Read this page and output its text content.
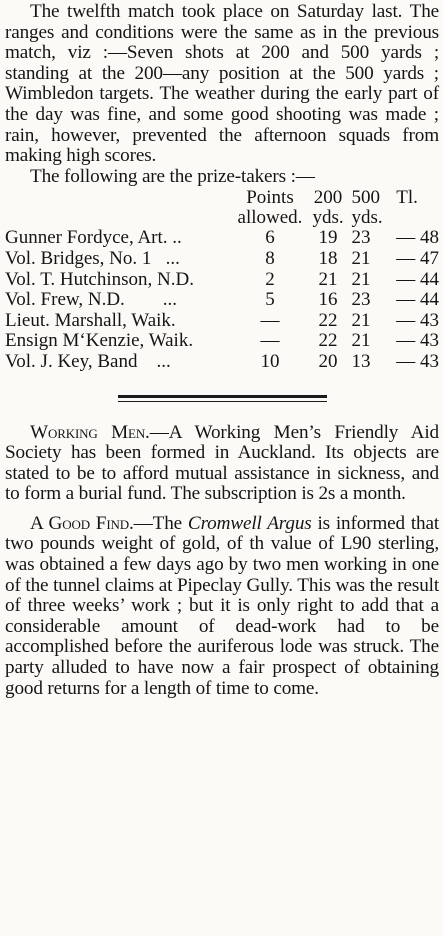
The twelfth match took place on Saturday last. The ranges and conditions were the same as in the previous match, viz :—Seven shots at 200 and 500 yards ; standing at the 200—any position at the 500 yards ; Wimbledon targets. The weather during the early part of the day was fine, and some good shooting was made ; rain, however, prevented the afternoon squads from making high scores.

The following are the prize-takers :—

	Points	200	500	Tl.
	allowed.	yds.	yds.	
Gunner Fordyce, Art. ..	6	19	23	— 48
Vol. Bridges, No. 1   ...	8	18	21	— 47
Vol. T. Hutchinson, N.D.	2	21	21	— 44
Vol. Frew, N.D.        ...	5	16	23	— 44
Lieut. Marshall, Waik.	—	22	21	— 43
Ensign M‘Kenzie, Waik.	—	22	21	— 43
Vol. J. Key, Band    ...	10	20	13	— 43

Working Men.—A Working Men’s Friendly Aid Society has been formed in Auckland. Its objects are stated to be to afford mutual assistance in sickness, and to form a burial fund. The subscription is 2s a month.

A Good Find.—The Cromwell Argus is informed that two pounds weight of gold, of th value of L90 sterling, was obtained a few days ago by two men working in one of the tunnel claims at Pipeclay Gully. This was the result of three weeks’ work ; but it is only right to add that a considerable amount of dead-work had to be accomplished before the auriferous lode was struck. The party alluded to have now a fair prospect of obtaining good returns for a length of time to come.
